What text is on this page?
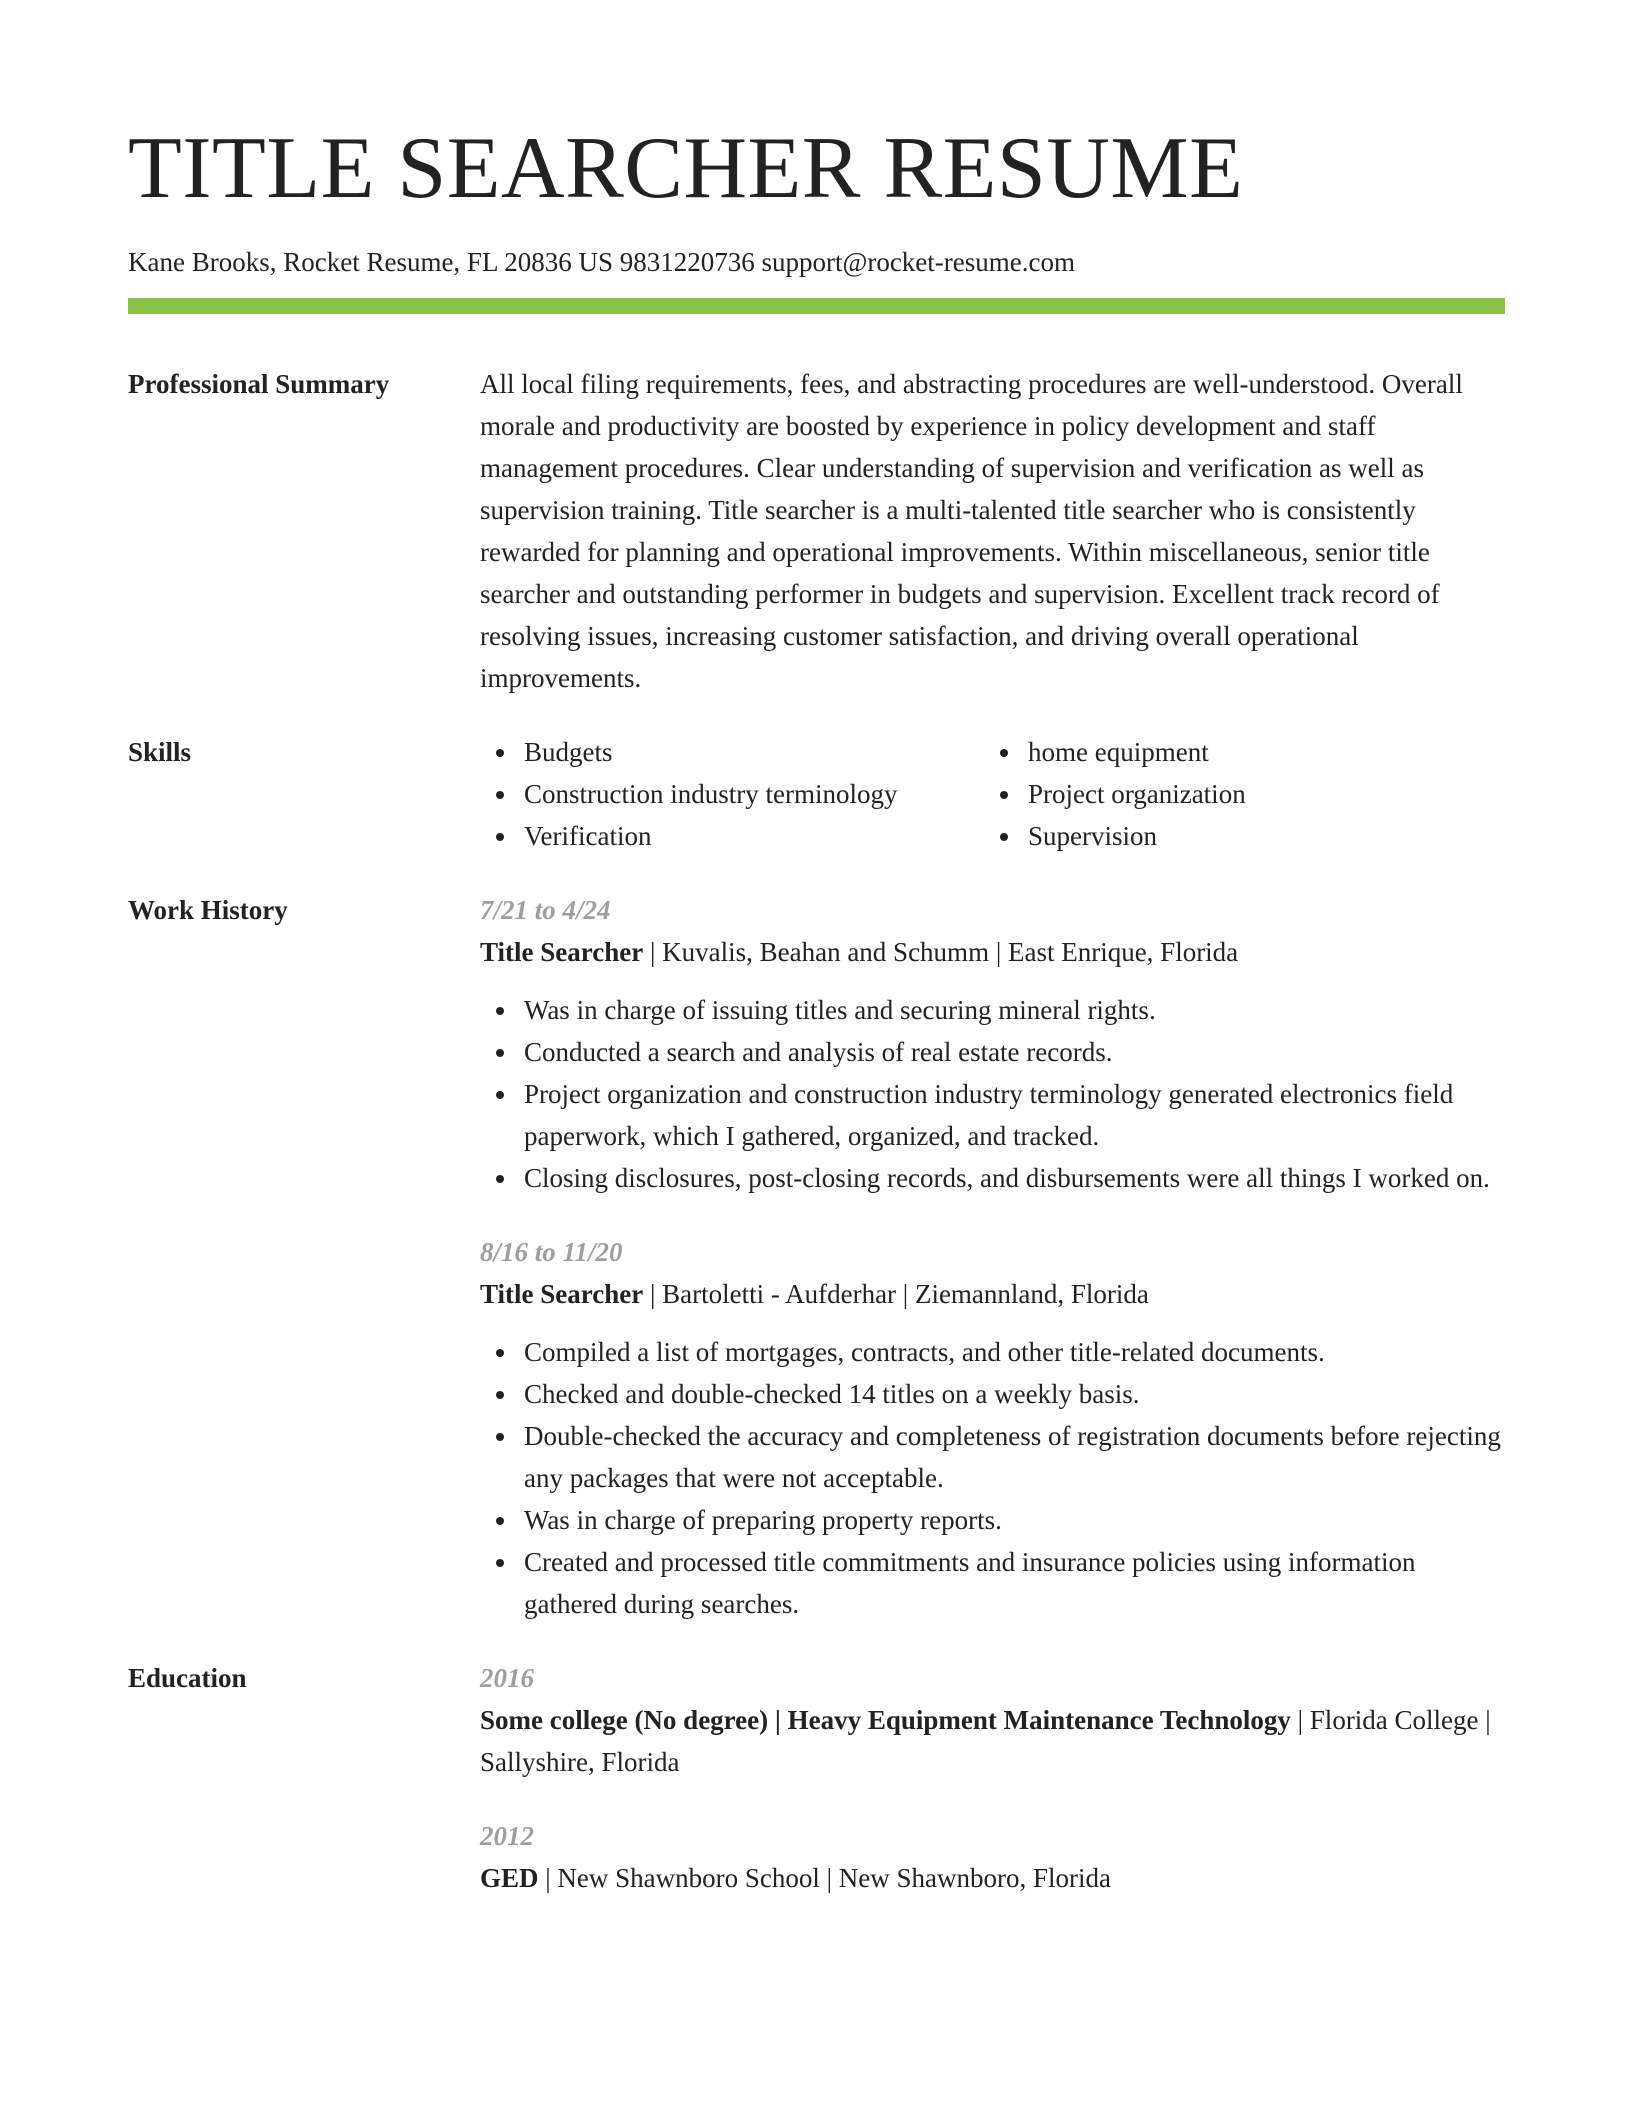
TITLE SEARCHER RESUME
Kane Brooks, Rocket Resume, FL 20836 US 9831220736 support@rocket-resume.com
Professional Summary	All local filing requirements, fees, and abstracting procedures are well-understood. Overall morale and productivity are boosted by experience in policy development and staff management procedures. Clear understanding of supervision and verification as well as supervision training. Title searcher is a multi-talented title searcher who is consistently rewarded for planning and operational improvements. Within miscellaneous, senior title searcher and outstanding performer in budgets and supervision. Excellent track record of resolving issues, increasing customer satisfaction, and driving overall operational improvements.

Skills	Budgets
Construction industry terminology
Verification
home equipment
Project organization
Supervision
Work History	7/21 to 4/24
Title Searcher | Kuvalis, Beahan and Schumm | East Enrique, Florida
Was in charge of issuing titles and securing mineral rights.
Conducted a search and analysis of real estate records.
Project organization and construction industry terminology generated electronics field paperwork, which I gathered, organized, and tracked.
Closing disclosures, post-closing records, and disbursements were all things I worked on.
8/16 to 11/20
Title Searcher | Bartoletti - Aufderhar | Ziemannland, Florida
Compiled a list of mortgages, contracts, and other title-related documents.
Checked and double-checked 14 titles on a weekly basis.
Double-checked the accuracy and completeness of registration documents before rejecting any packages that were not acceptable.
Was in charge of preparing property reports.
Created and processed title commitments and insurance policies using information gathered during searches.
Education	2016
Some college (No degree) | Heavy Equipment Maintenance Technology | Florida College | Sallyshire, Florida
2012
GED | New Shawnboro School | New Shawnboro, Florida
